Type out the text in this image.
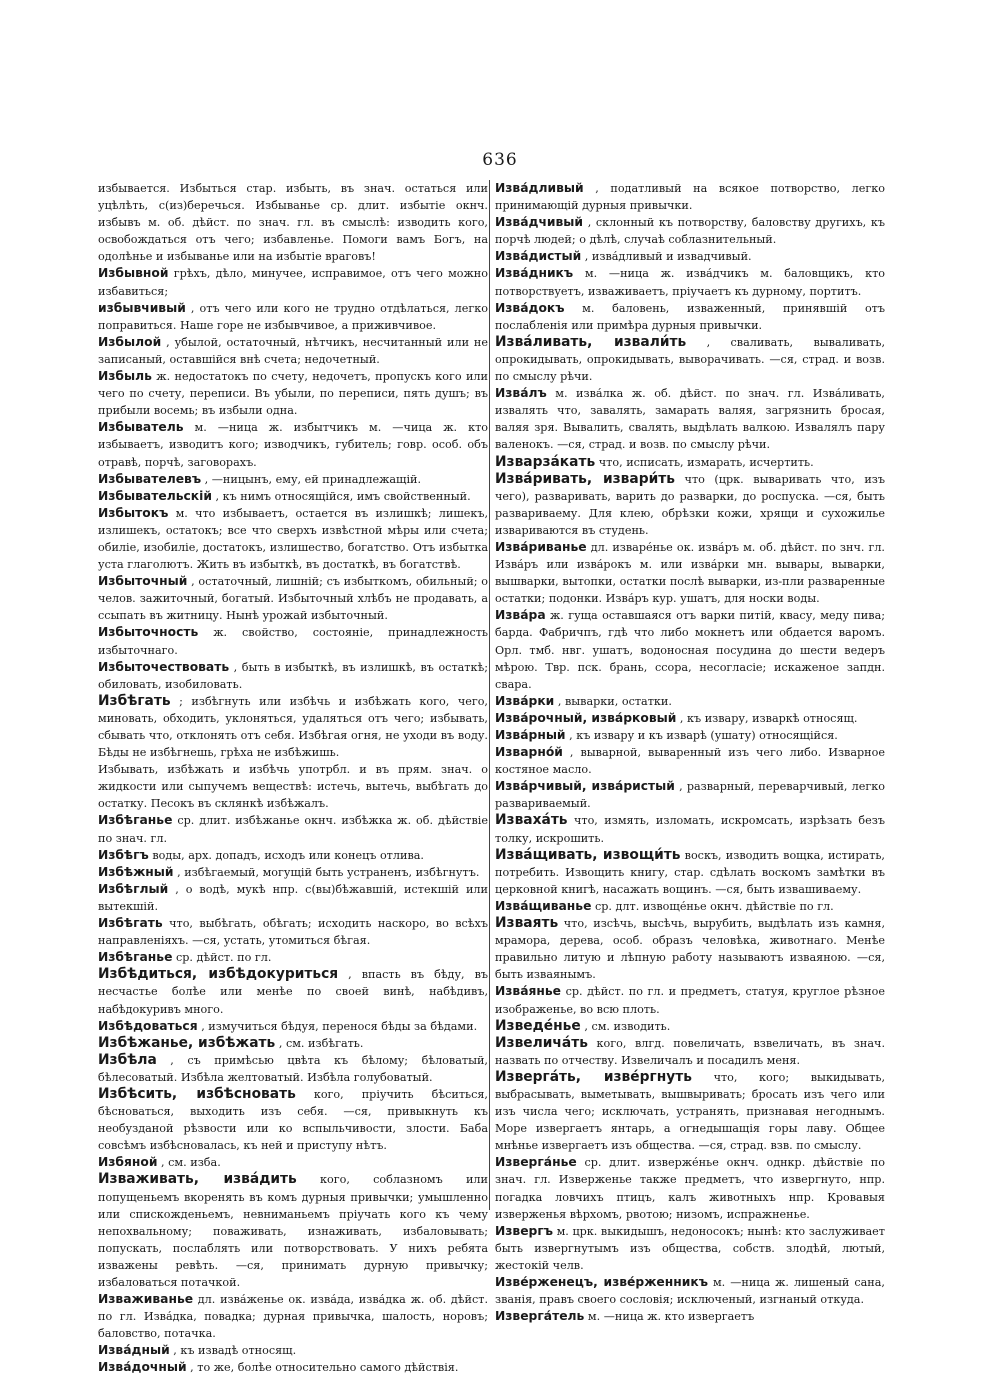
636

избывается. Избыться стар. избыть, въ знач. остаться или уцѣлѣть, с(из)беречься. Избыванье ср. длит. избытіе окнч. избывъ м. об. дѣйст. по знач. гл. въ смыслѣ: изводить кого, освобождаться отъ чего; избавленье. Помоги вамъ Богъ, на одолѣнье и избыванье или на избытіе враговъ!

Избывной грѣхъ, дѣло, минучее, исправимое, отъ чего можно избавиться;

избывчивый , отъ чего или кого не трудно отдѣлаться, легко поправиться. Наше горе не избывчивое, а приживчивое.

Избылой , убылой, остаточный, нѣтчикъ, несчитанный или не записаный, оставшійся внѣ счета; недочетный.

Избыль ж. недостатокъ по счету, недочетъ, пропускъ кого или чего по счету, переписи. Въ убыли, по переписи, пять душъ; въ прибыли восемь; въ избыли одна.

Избыватель м. —ница ж. избытчикъ м. —чица ж. кто избываетъ, изводитъ кого; изводчикъ, губитель; говр. особ. объ отравѣ, порчѣ, заговорахъ.

Избывателевъ , —ницынъ, ему, ей принадлежащій.

Избывательскій , къ нимъ относящійся, имъ свойственный.

Избытокъ м. что избываетъ, остается въ излишкѣ; лишекъ, излишекъ, остатокъ; все что сверхъ извѣстной мѣры или счета; обиліе, изобиліе, достатокъ, излишество, богатство. Отъ избытка уста глаголютъ. Жить въ избыткѣ, въ достаткѣ, въ богатствѣ.

Избыточный , остаточный, лишній; съ избыткомъ, обильный; о челов. зажиточный, богатый. Избыточный хлѣбъ не продавать, а ссыпать въ житницу. Нынѣ урожай избыточный.

Избыточность ж. свойство, состояніе, принадлежность избыточнаго.

Избыточествовать , быть в избыткѣ, въ излишкѣ, въ остаткѣ; обиловать, изобиловать.

Избѣгать ; избѣгнуть или избѣчь и избѣжать кого, чего, миновать, обходить, уклоняться, удаляться отъ чего; избывать, сбывать что, отклонять отъ себя. Избѣгая огня, не уходи въ воду. Бѣды не избѣгнешь, грѣха не избѣжишь.

Избывать, избѣжать и избѣчь употрбл. и въ прям. знач. о жидкости или сыпучемъ веществѣ: истечь, вытечь, выбѣгать до остатку. Песокъ въ склянкѣ избѣжалъ.

Избѣганье ср. длит. избѣжанье окнч. избѣжка ж. об. дѣйствіе по знач. гл.

Избѣгъ воды, арх. допадъ, исходъ или конецъ отлива.

Избѣжный , избѣгаемый, могущій быть устраненъ, избѣгнутъ.

Избѣглый , о водѣ, мукѣ нпр. с(вы)бѣжавшій, истекшій или вытекшій.

Избѣгать что, выбѣгать, обѣгать; исходить наскоро, во всѣхъ направленіяхъ. —ся, устать, утомиться бѣгая.

Избѣганье ср. дѣйст. по гл.

Избѣдиться, избѣдокуриться , впасть въ бѣду, въ несчастье болѣе или менѣе по своей винѣ, набѣдивъ, набѣдокуривъ много.

Избѣдоваться , измучиться бѣдуя, перенося бѣды за бѣдами.

Избѣжанье, избѣжать , см. избѣгать.

Избѣла , съ примѣсью цвѣта къ бѣлому; бѣловатый, бѣлесоватый. Избѣла желтоватый. Избѣла голубоватый.

Избѣсить, избѣсновать кого, пріучить бѣситься, бѣсноваться, выходить изъ себя. —ся, привыкнуть къ необузданой рѣзвости или ко вспыльчивости, злости. Баба совсѣмъ избѣсновалась, къ ней и приступу нѣтъ.

Избяной , см. изба.

Изваживать, изва́дить кого, соблазномъ или попущеньемъ вкоренять въ комъ дурныя привычки; умышленно или спискожденьемъ, невниманьемъ пріучать кого къ чему непохвальному; поваживать, изнаживать, избаловывать; попускать, послаблять или потворствовать. У нихъ ребята изважены ревѣть. —ся, принимать дурную привычку; избаловаться потачкой.

Изваживанье дл. изва́женье ок. изва́да, изва́дка ж. об. дѣйст. по гл. Изва́дка, повадка; дурная привычка, шалость, норовъ; баловство, потачка.

Изва́дный , къ извадѣ относящ.

Изва́дочный , то же, болѣе относительно самого дѣйствія.

Изва́дливый , податливый на всякое потворство, легко принимающій дурныя привычки.

Изва́дчивый , склонный къ потворству, баловству другихъ, къ порчѣ людей; о дѣлѣ, случаѣ соблазнительный.

Изва́дистый , изва́дливый и извадчивый.

Изва́дникъ м. —ница ж. изва́дчикъ м. баловщикъ, кто потворствуетъ, изваживаетъ, пріучаетъ къ дурному, портитъ.

Изва́докъ м. баловень, изваженный, принявшій отъ послабленія или примѣра дурныя привычки.

Изва́ливать, извали́ть , сваливать, вываливать, опрокидывать, опрокидывать, выворачивать. —ся, страд. и возв. по смыслу рѣчи.

Изва́лъ м. изва́лка ж. об. дѣйст. по знач. гл. Изва́ливать, извалять что, завалять, замарать валяя, загрязнить бросая, валяя зря. Вывалить, свалять, выдѣлать валкою. Извалялъ пару валенокъ. —ся, страд. и возв. по смыслу рѣчи.

Изварза́кать что, исписать, измарать, исчертить.

Изва́ривать, извари́ть что (црк. вываривать что, изъ чего), разваривать, варить до разварки, до роспуска. —ся, быть развариваему. Для клею, обрѣзки кожи, хрящи и сухожилье извариваются въ студень.

Изва́риванье дл. изваре́нье ок. изва́ръ м. об. дѣйст. по знч. гл. Изва́ръ или изва́рокъ м. или изва́рки мн. вывары, выварки, вышварки, вытопки, остатки послѣ выварки, из-пли разваренные остатки; подонки. Изва́ръ кур. ушатъ, для носки воды.

Изва́ра ж. гуща оставшаяся отъ варки питій, квасу, меду пива; барда. Фабричпъ, гдѣ что либо мокнетъ или обдается варомъ. Орл. тмб. нвг. ушатъ, водоносная посудина до шести ведеръ мѣрою. Твр. пск. брань, ссора, несогласіе; искаженое запдн. свара.

Изва́рки , выварки, остатки.

Изва́рочный, изва́рковый , къ извару, изваркѣ относящ.

Изва́рный , къ извару и къ изварѣ (ушату) относящійся.

Изварно́й , выварной, вываренный изъ чего либо. Изварное костяное масло.

Изва́рчивый, изва́ристый , разварный, переварчивый, легко развариваемый.

Изваха́ть что, измять, изломать, искромсать, изрѣзать безъ толку, искрошить.

Изва́щивать, извощи́ть воскъ, изводить вощка, истирать, потребить. Извощить книгу, стар. сдѣлать воскомъ замѣтки въ церковной книгѣ, насажать вощинъ. —ся, быть извашиваему.

Изва́щиванье ср. длт. извоще́нье окнч. дѣйствіе по гл.

Изваять что, изсѣчь, высѣчь, вырубить, выдѣлать изъ камня, мрамора, дерева, особ. образъ человѣка, животнаго. Менѣе правильно литую и лѣпную работу называютъ изваяною. —ся, быть изваянымъ.

Изва́янье ср. дѣйст. по гл. и предметъ, статуя, круглое рѣзное изображенье, во всю плоть.

Изведе́нье , см. изводить.

Извелича́ть кого, влгд. повеличать, взвеличать, въ знач. назвать по отчеству. Извеличалъ и посадилъ меня.

Изверга́ть, изве́ргнуть что, кого; выкидывать, выбрасывать, выметывать, вышвыривать; бросать изъ чего или изъ числа чего; исключать, устранять, признавая негоднымъ. Море извергаетъ янтарь, а огнедышащія горы лаву. Общее мнѣнье извергаетъ изъ общества. —ся, страд. взв. по смыслу.

Изверга́нье ср. длит. изверже́нье окнч. однкр. дѣйствіе по знач. гл. Изверженье также предметъ, что извергнуто, нпр. погадка ловчихъ птицъ, калъ животныхъ нпр. Кровавыя изверженья вѣрхомъ, рвотою; низомъ, испражненье.

Извергъ м. црк. выкидышъ, недоносокъ; нынѣ: кто заслуживает быть извергнутымъ изъ общества, собств. злодѣй, лютый, жестокій челв.

Изве́рженецъ, изве́рженникъ м. —ница ж. лишеный сана, званія, правъ своего сословія; исключеный, изгнаный откуда.

Изверга́тель м. —ница ж. кто извергаетъ
